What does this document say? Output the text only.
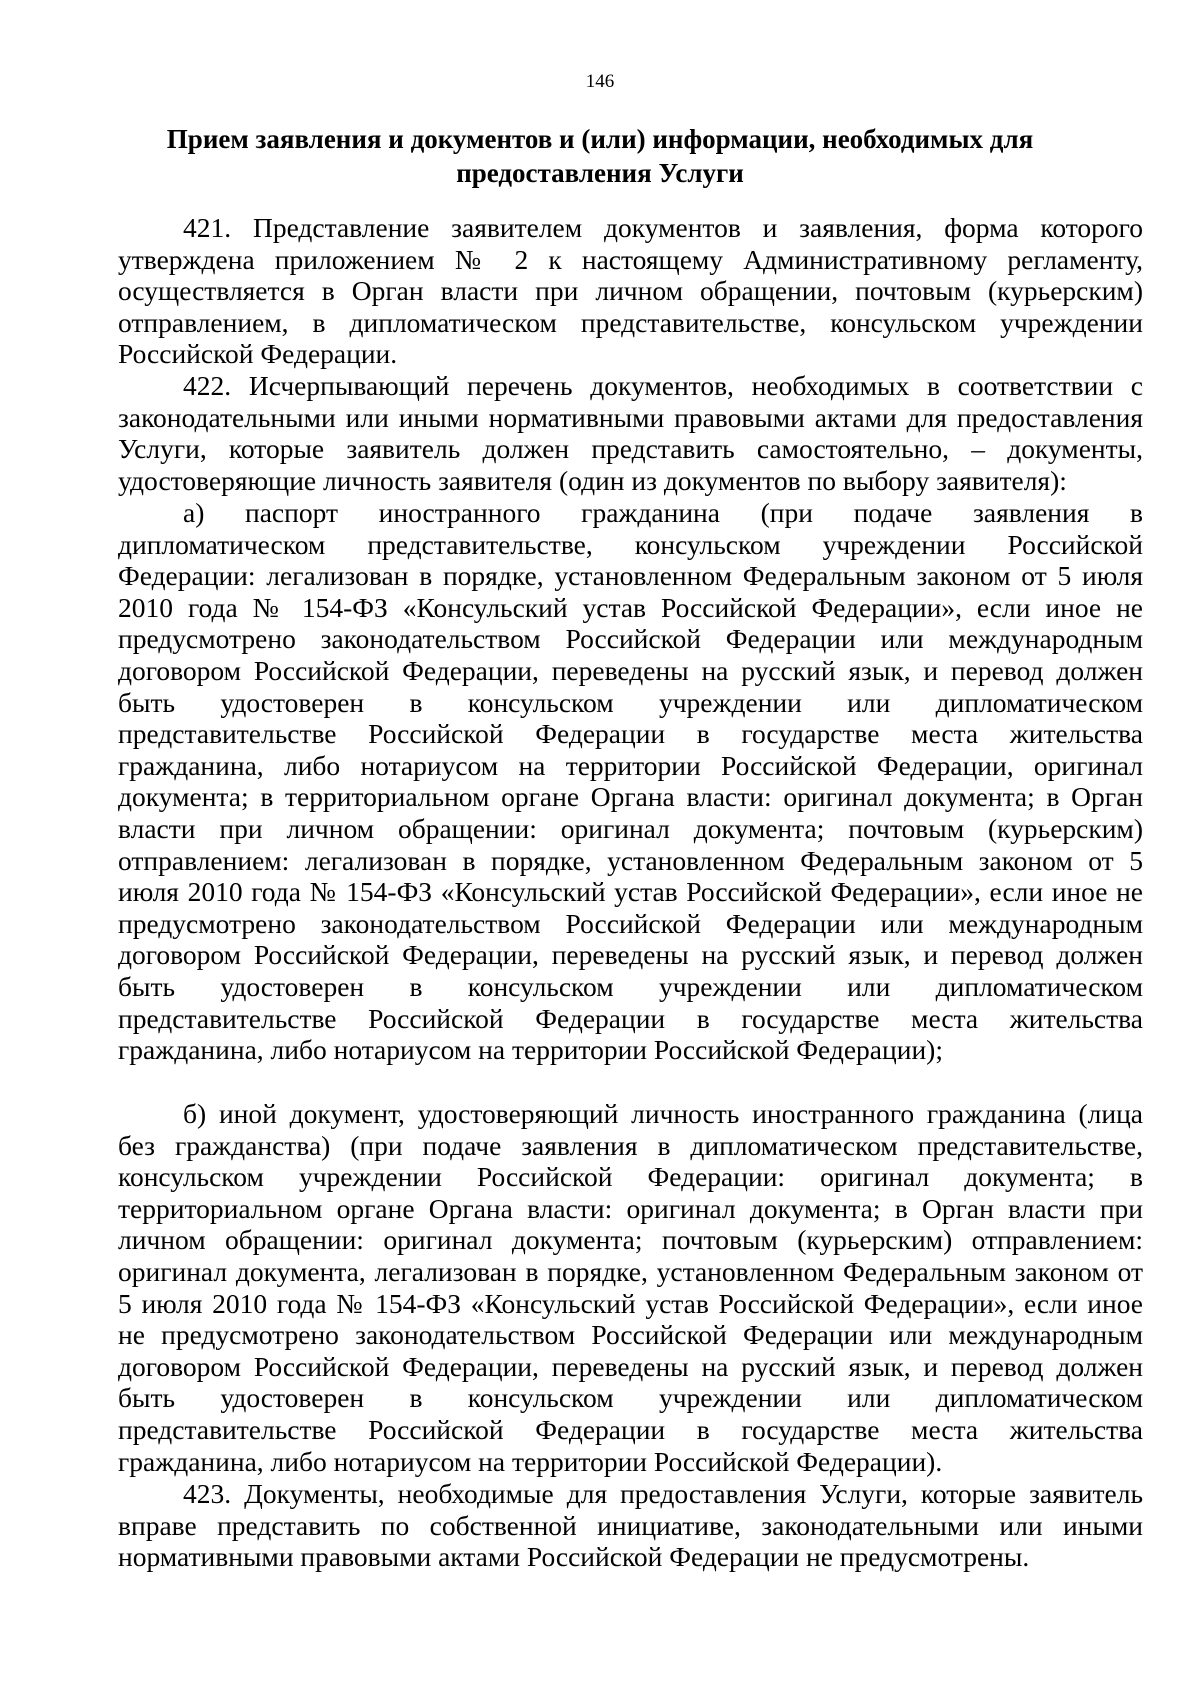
146
Прием заявления и документов и (или) информации, необходимых для
предоставления Услуги
421. Представление заявителем документов и заявления, форма которого
утверждена приложением № 2 к настоящему Административному регламенту,
осуществляется в Орган власти при личном обращении, почтовым (курьерским)
отправлением, в дипломатическом представительстве, консульском учреждении
Российской Федерации.
422. Исчерпывающий перечень документов, необходимых в соответствии с
законодательными или иными нормативными правовыми актами для предоставления
Услуги, которые заявитель должен представить самостоятельно, – документы,
удостоверяющие личность заявителя (один из документов по выбору заявителя):
а) паспорт иностранного гражданина (при подаче заявления в
дипломатическом представительстве, консульском учреждении Российской
Федерации: легализован в порядке, установленном Федеральным законом от 5 июля
2010 года № 154-ФЗ «Консульский устав Российской Федерации», если иное не
предусмотрено законодательством Российской Федерации или международным
договором Российской Федерации, переведены на русский язык, и перевод должен
быть удостоверен в консульском учреждении или дипломатическом
представительстве Российской Федерации в государстве места жительства
гражданина, либо нотариусом на территории Российской Федерации, оригинал
документа; в территориальном органе Органа власти: оригинал документа; в Орган
власти при личном обращении: оригинал документа; почтовым (курьерским)
отправлением: легализован в порядке, установленном Федеральным законом от 5
июля 2010 года № 154-ФЗ «Консульский устав Российской Федерации», если иное не
предусмотрено законодательством Российской Федерации или международным
договором Российской Федерации, переведены на русский язык, и перевод должен
быть удостоверен в консульском учреждении или дипломатическом
представительстве Российской Федерации в государстве места жительства
гражданина, либо нотариусом на территории Российской Федерации);
б) иной документ, удостоверяющий личность иностранного гражданина (лица
без гражданства) (при подаче заявления в дипломатическом представительстве,
консульском учреждении Российской Федерации: оригинал документа; в
территориальном органе Органа власти: оригинал документа; в Орган власти при
личном обращении: оригинал документа; почтовым (курьерским) отправлением:
оригинал документа, легализован в порядке, установленном Федеральным законом от
5 июля 2010 года № 154-ФЗ «Консульский устав Российской Федерации», если иное
не предусмотрено законодательством Российской Федерации или международным
договором Российской Федерации, переведены на русский язык, и перевод должен
быть удостоверен в консульском учреждении или дипломатическом
представительстве Российской Федерации в государстве места жительства
гражданина, либо нотариусом на территории Российской Федерации).
423. Документы, необходимые для предоставления Услуги, которые заявитель
вправе представить по собственной инициативе, законодательными или иными
нормативными правовыми актами Российской Федерации не предусмотрены.
